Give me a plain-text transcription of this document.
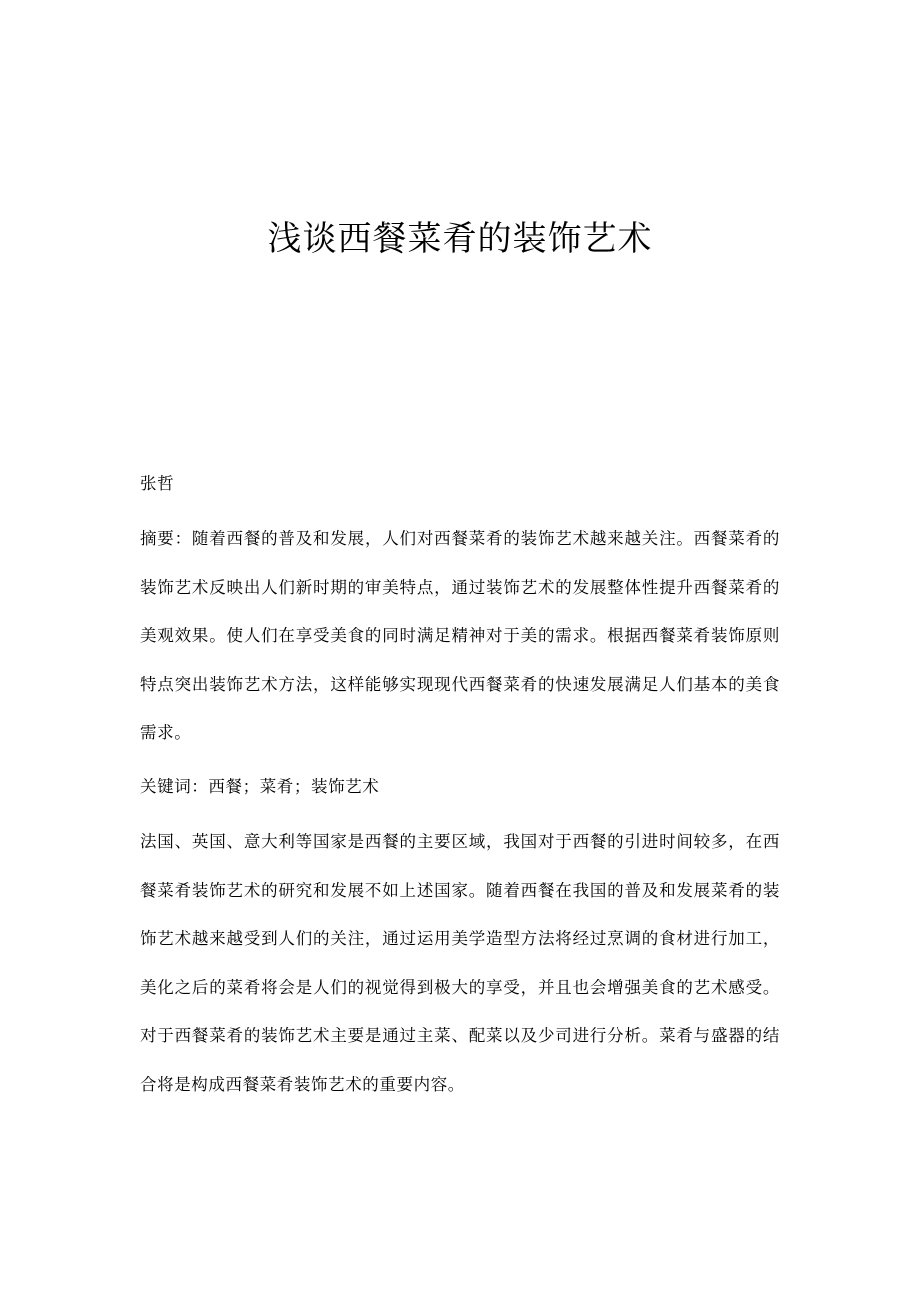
浅谈西餐菜肴的装饰艺术

张哲

摘要：随着西餐的普及和发展，人们对西餐菜肴的装饰艺术越来越关注。西餐菜肴的装饰艺术反映出人们新时期的审美特点，通过装饰艺术的发展整体性提升西餐菜肴的美观效果。使人们在享受美食的同时满足精神对于美的需求。根据西餐菜肴装饰原则特点突出装饰艺术方法，这样能够实现现代西餐菜肴的快速发展满足人们基本的美食需求。

关键词：西餐；菜肴；装饰艺术

法国、英国、意大利等国家是西餐的主要区域，我国对于西餐的引进时间较多，在西餐菜肴装饰艺术的研究和发展不如上述国家。随着西餐在我国的普及和发展菜肴的装饰艺术越来越受到人们的关注，通过运用美学造型方法将经过烹调的食材进行加工，美化之后的菜肴将会是人们的视觉得到极大的享受，并且也会增强美食的艺术感受。对于西餐菜肴的装饰艺术主要是通过主菜、配菜以及少司进行分析。菜肴与盛器的结合将是构成西餐菜肴装饰艺术的重要内容。
